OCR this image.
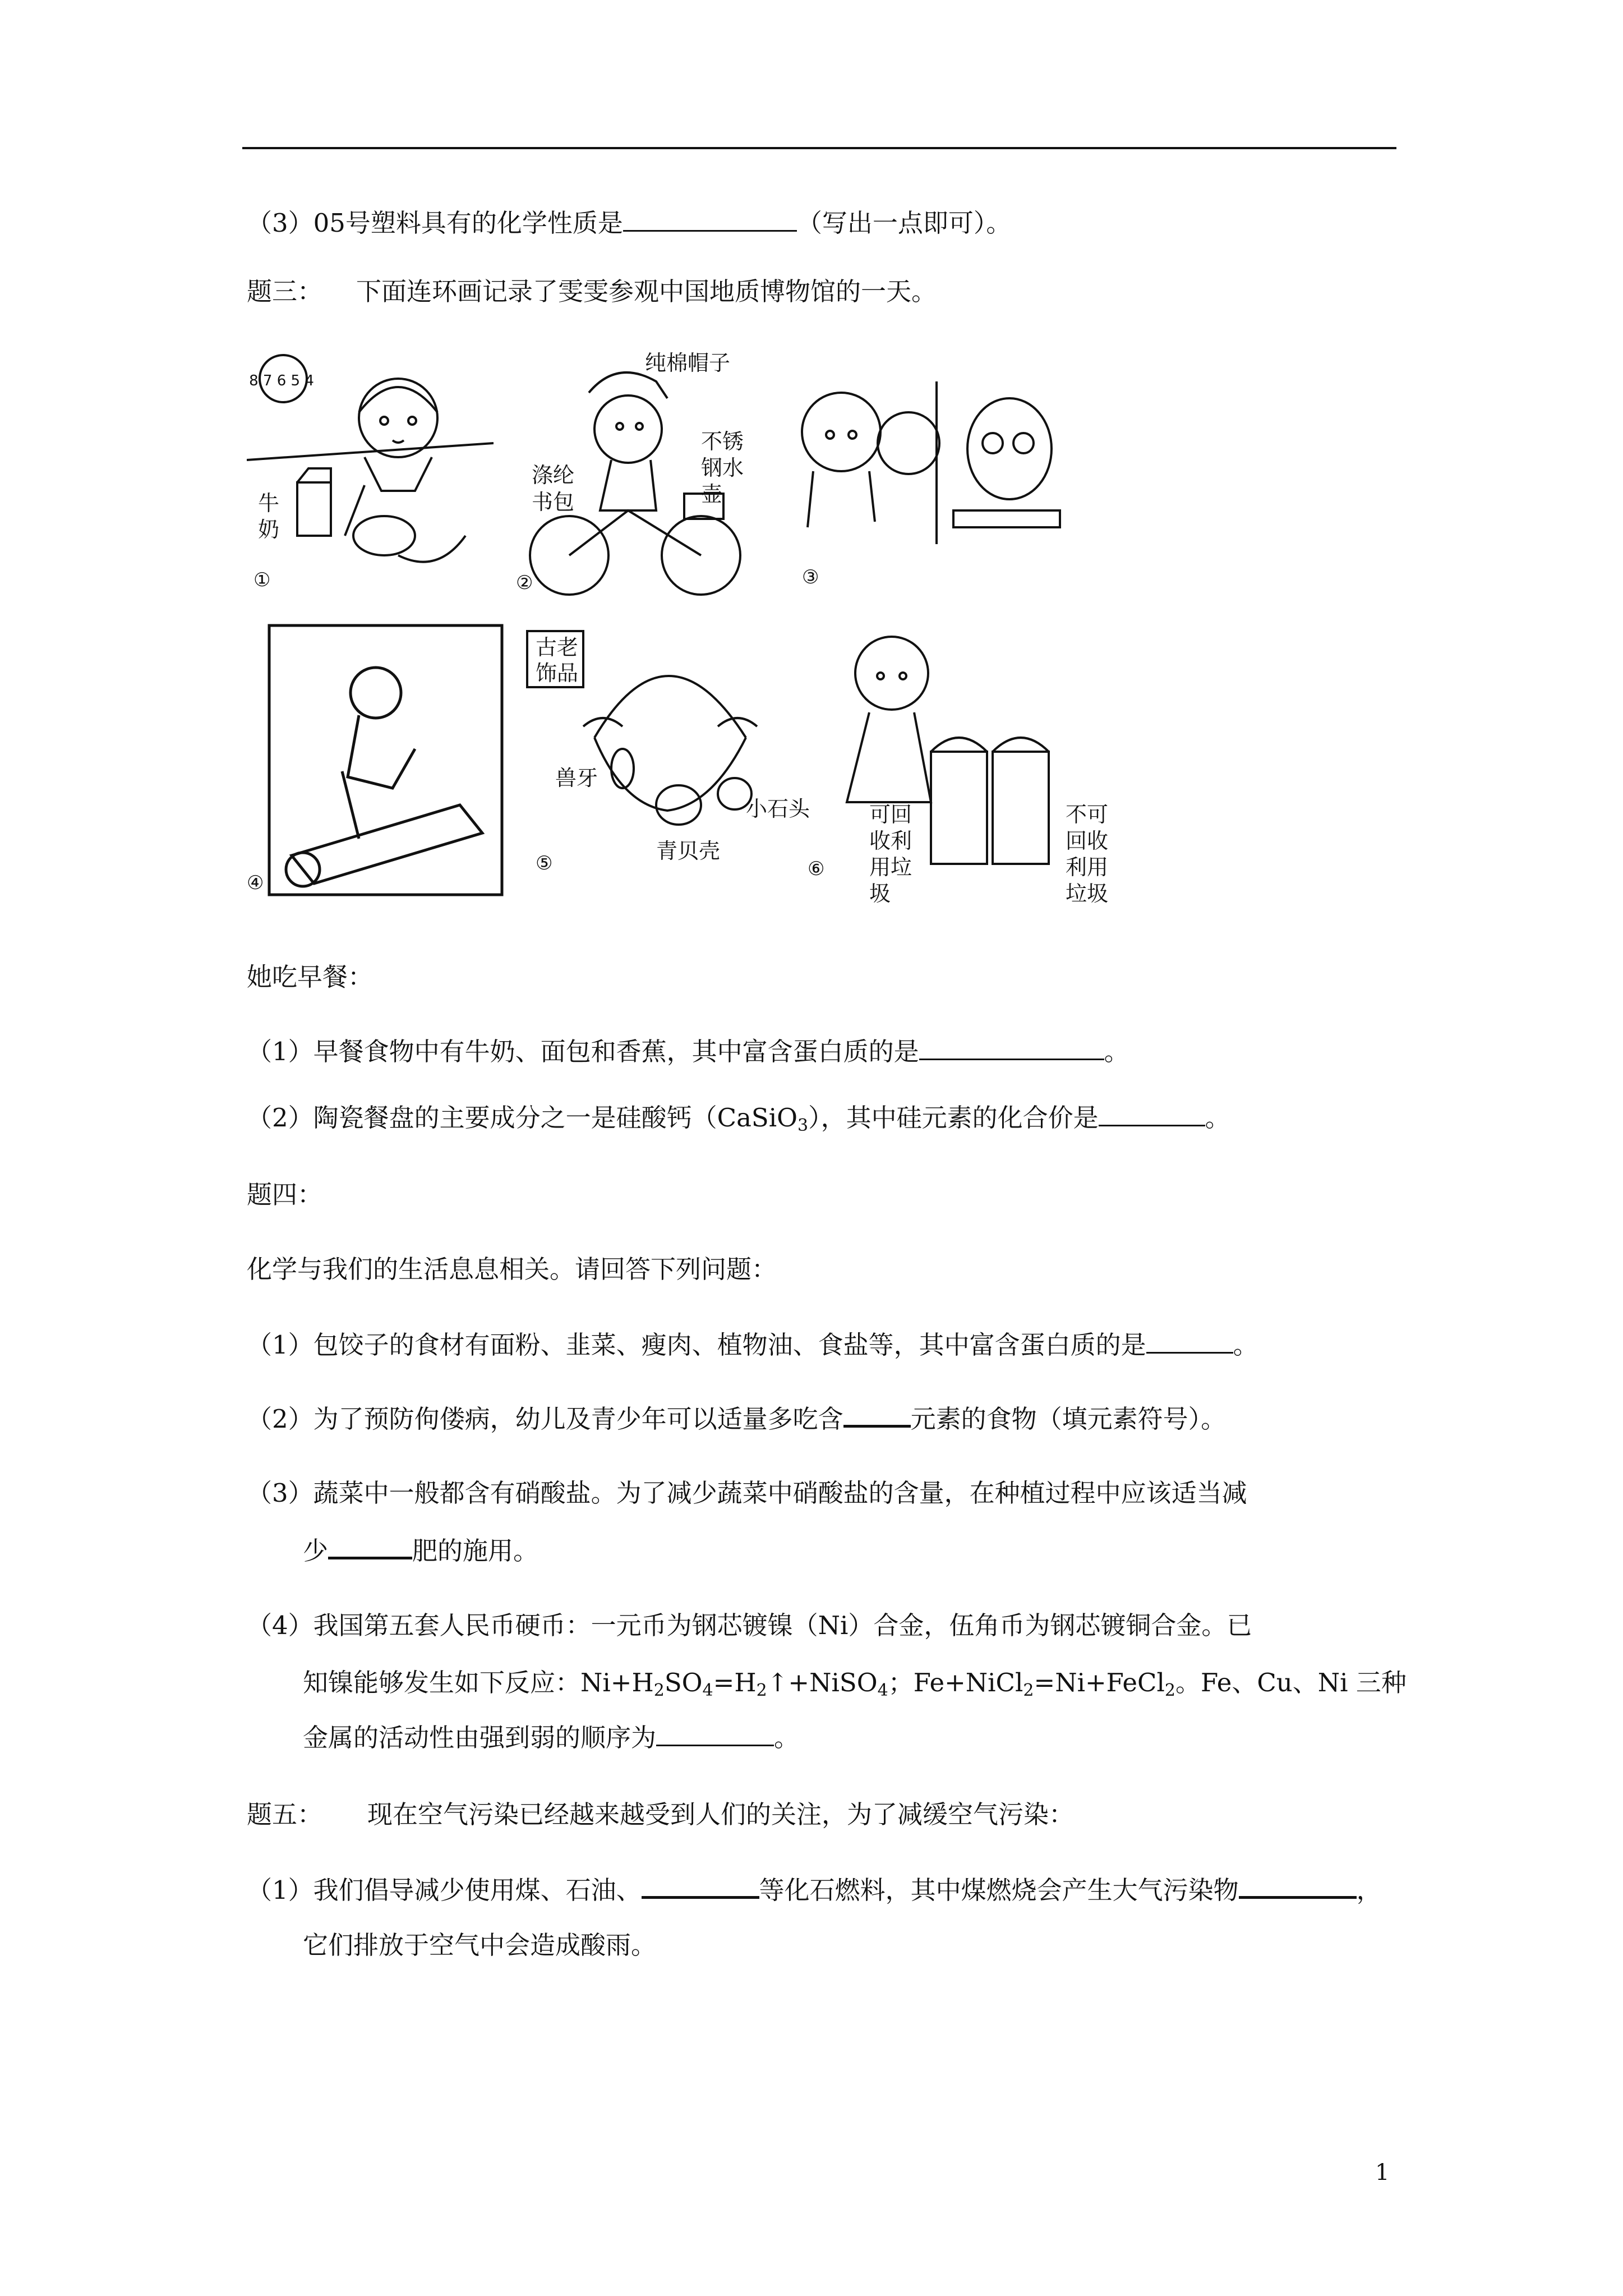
（3）05号塑料具有的化学性质是	（写出一点即可）。
题三： 下面连环画记录了雯雯参观中国地质博物馆的一天。
8 7 6 5 4
牛
奶
①
纯棉帽子
涤纶
书包
不锈
钢水
壶
②	③
④
古老
饰品
兽牙
小石头
青贝壳
⑤
可回
收利
用垃
圾
不可
回收
利用
垃圾
⑥
她吃早餐：
（1）早餐食物中有牛奶、面包和香蕉，其中富含蛋白质的是	。
（2）陶瓷餐盘的主要成分之一是硅酸钙（CaSiO$_3$），其中硅元素的化合价是	。
题四：
化学与我们的生活息息相关。请回答下列问题：
（1）包饺子的食材有面粉、韭菜、瘦肉、植物油、食盐等，其中富含蛋白质的是	。
（2）为了预防佝偻病，幼儿及青少年可以适量多吃含	元素的食物（填元素符号）。
（3）蔬菜中一般都含有硝酸盐。为了减少蔬菜中硝酸盐的含量，在种植过程中应该适当减
少	肥的施用。
（4）我国第五套人民币硬币：一元币为钢芯镀镍（Ni）合金，伍角币为钢芯镀铜合金。已
知镍能够发生如下反应：$Ni+H_2SO_4=H_2↑+NiSO_4$；Fe+NiCl$_2$=Ni+FeCl$_2$。Fe、Cu、Ni 三种
金属的活动性由强到弱的顺序为	。
题五： 现在空气污染已经越来越受到人们的关注，为了减缓空气污染：
（1）我们倡导减少使用煤、石油、	等化石燃料，其中煤燃烧会产生大气污染物	，
它们排放于空气中会造成酸雨。
1
